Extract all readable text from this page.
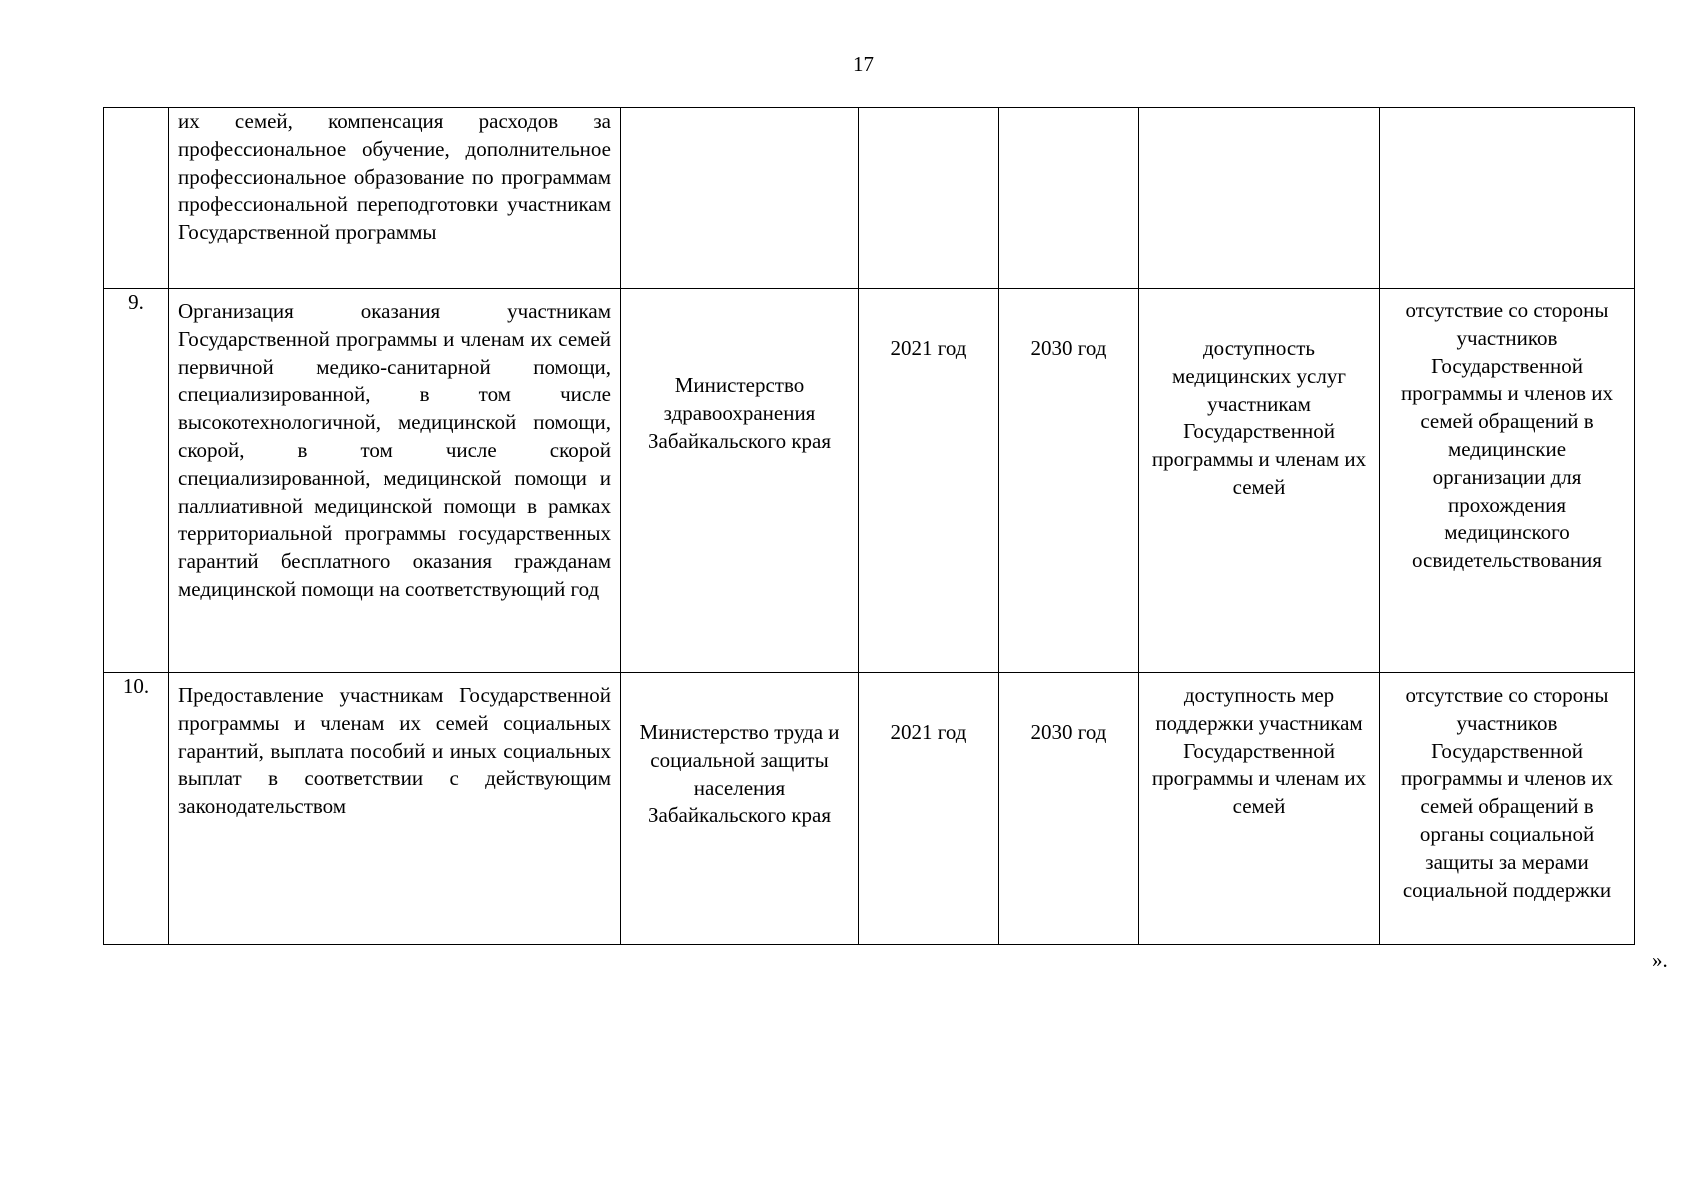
17
	их семей, компенсация расходов за профессиональное обучение, дополнительное профессиональное образование по программам профессиональной переподготовки участникам Государственной программы					
9.	Организация оказания участникам Государственной программы и членам их семей первичной медико-санитарной помощи, специализированной, в том числе высокотехнологичной, медицинской помощи, скорой, в том числе скорой специализированной, медицинской помощи и паллиативной медицинской помощи в рамках территориальной программы государственных гарантий бесплатного оказания гражданам медицинской помощи на соответствующий год	Министерство здравоохранения Забайкальского края	2021 год	2030 год	доступность медицинских услуг участникам Государственной программы и членам их семей	отсутствие со стороны участников Государственной программы и членов их семей обращений в медицинские организации для прохождения медицинского освидетельствования
10.	Предоставление участникам Государственной программы и членам их семей социальных гарантий, выплата пособий и иных социальных выплат в соответствии с действующим законодательством	Министерство труда и социальной защиты населения Забайкальского края	2021 год	2030 год	доступность мер поддержки участникам Государственной программы и членам их семей	отсутствие со стороны участников Государственной программы и членов их семей обращений в органы социальной защиты за мерами социальной поддержки
».
